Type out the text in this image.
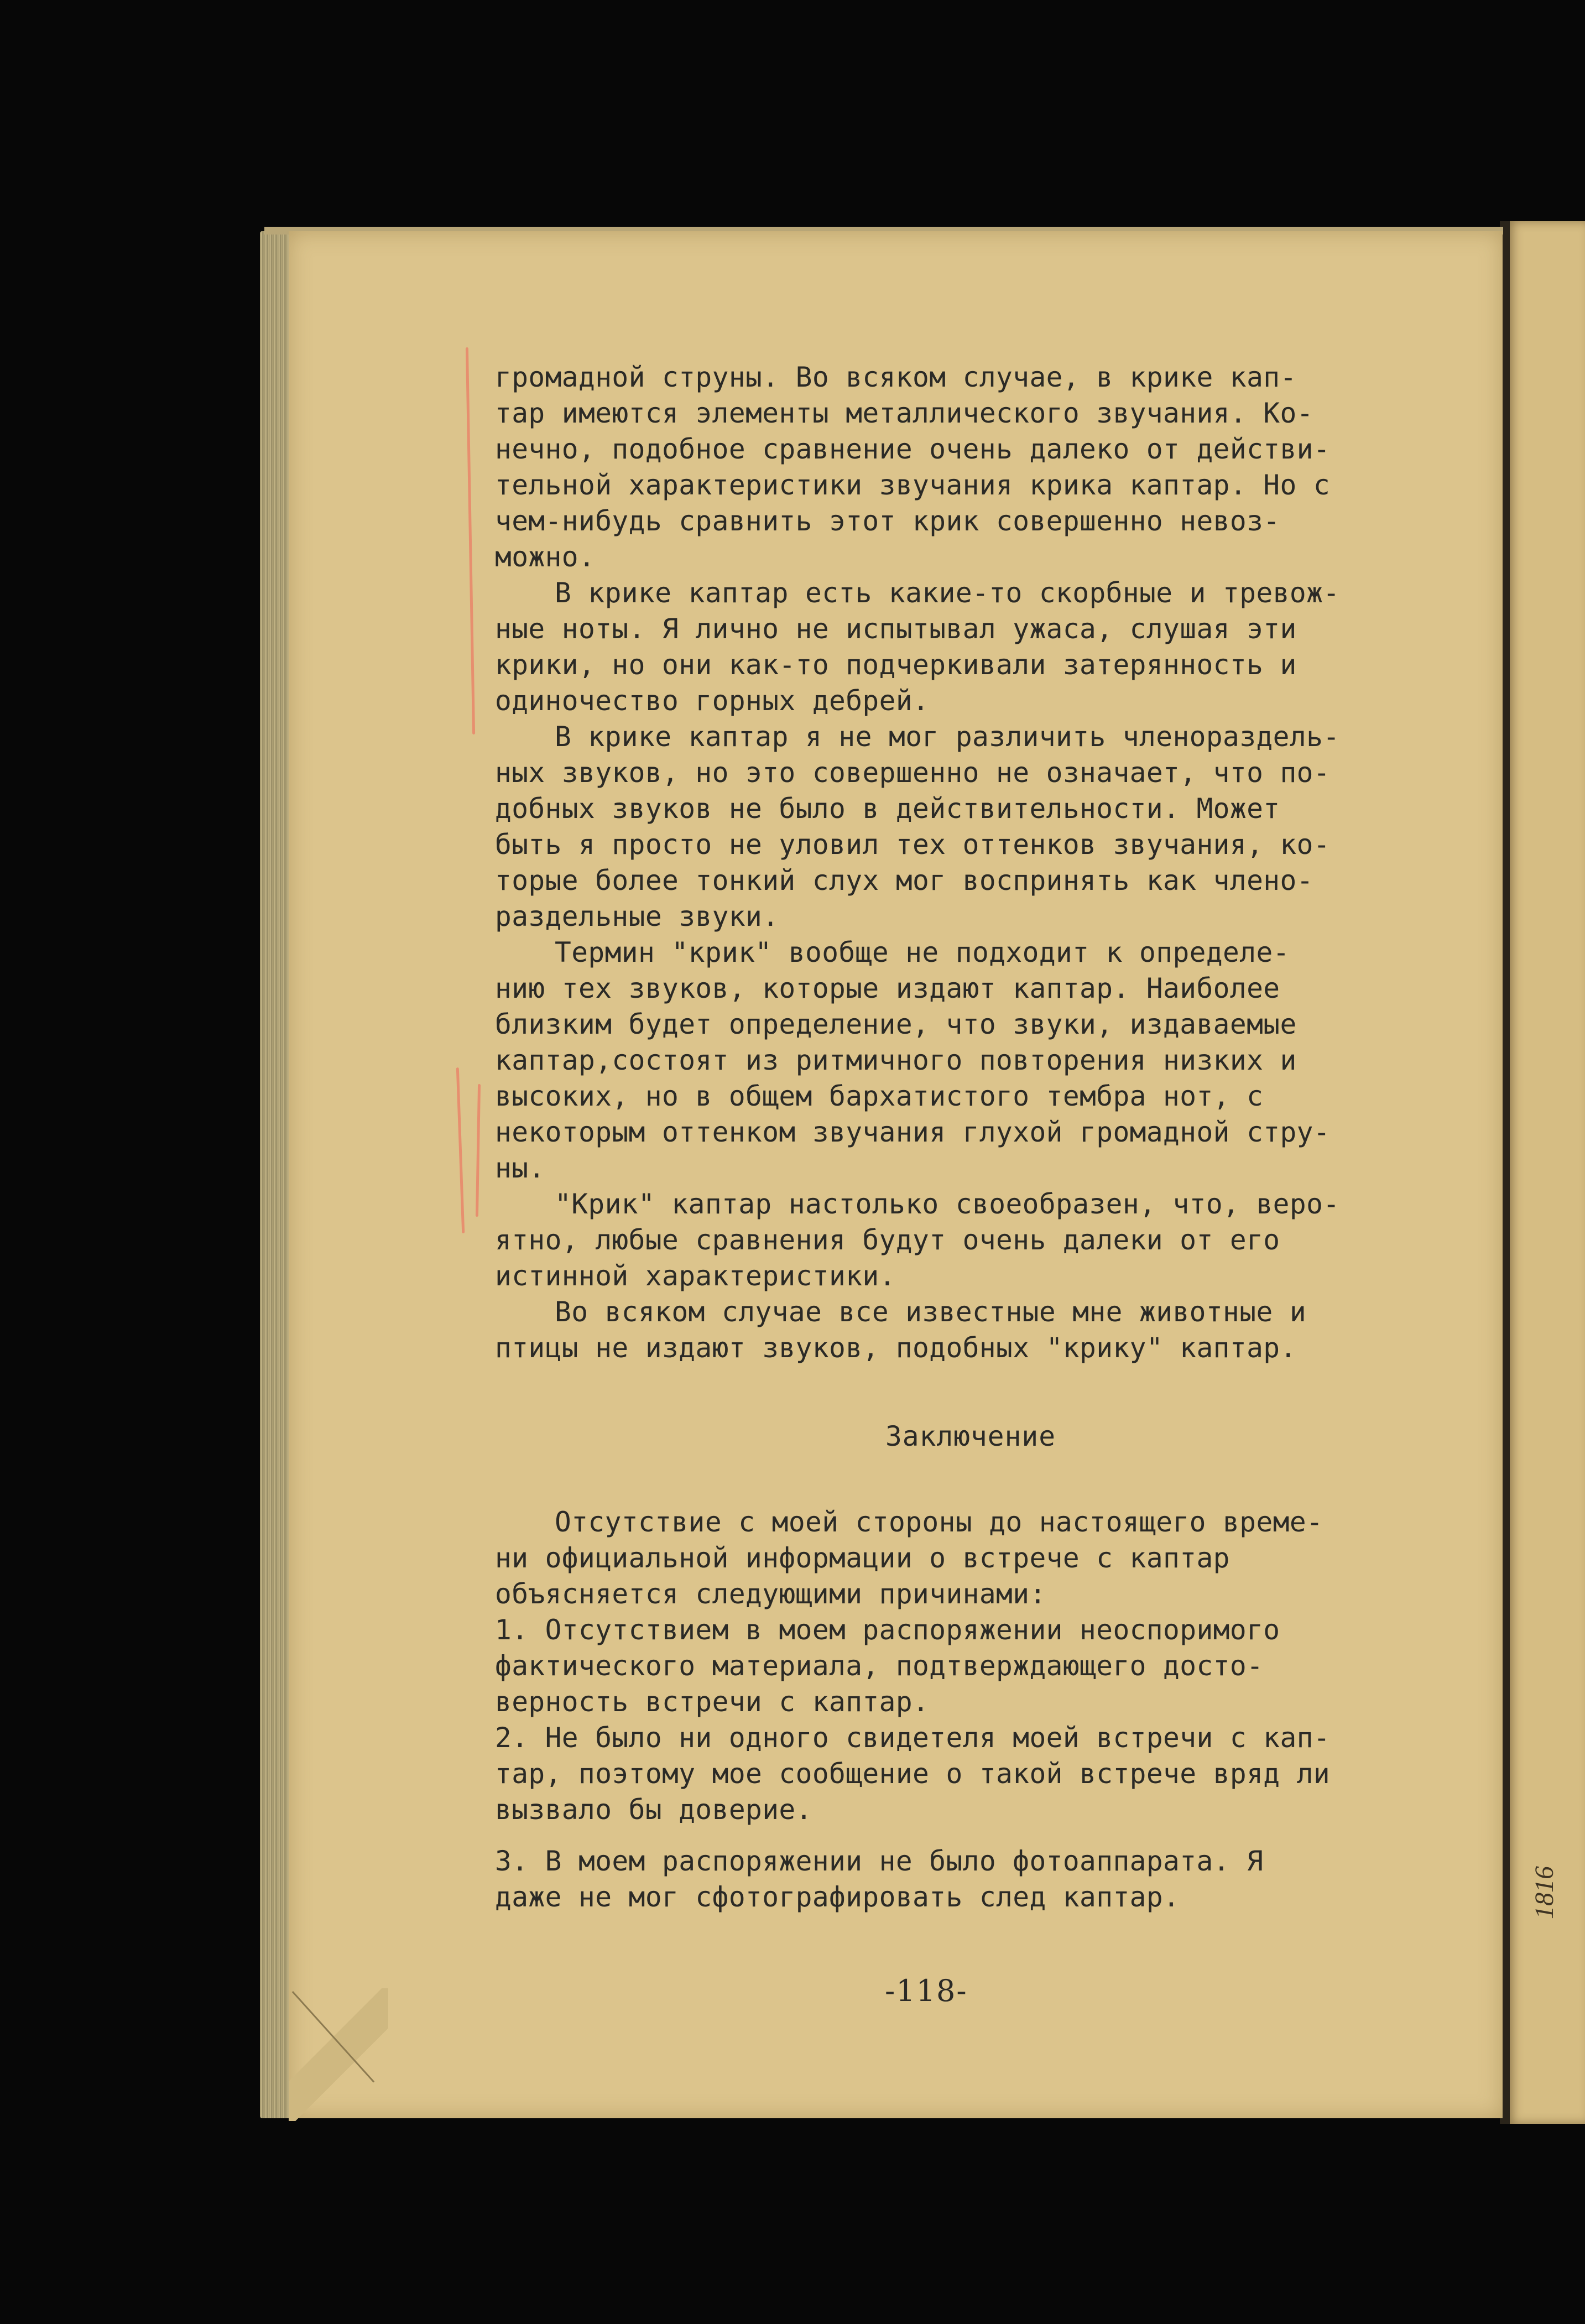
громадной струны. Во всяком случае, в крике кап-
тар имеются элементы металлического звучания. Ко-
нечно, подобное сравнение очень далеко от действи-
тельной характеристики звучания крика каптар. Но с
чем-нибудь сравнить этот крик совершенно невоз-
можно.

В крике каптар есть какие-то скорбные и тревож-
ные ноты. Я лично не испытывал ужаса, слушая эти
крики, но они как-то подчеркивали затерянность и
одиночество горных дебрей.

В крике каптар я не мог различить членораздель-
ных звуков, но это совершенно не означает, что по-
добных звуков не было в действительности. Может
быть я просто не уловил тех оттенков звучания, ко-
торые более тонкий слух мог воспринять как члено-
раздельные звуки.

Термин "крик" вообще не подходит к определе-
нию тех звуков, которые издают каптар. Наиболее
близким будет определение, что звуки, издаваемые
каптар,состоят из ритмичного повторения низких и
высоких, но в общем бархатистого тембра нот, с
некоторым оттенком звучания глухой громадной стру-
ны.

"Крик" каптар настолько своеобразен, что, веро-
ятно, любые сравнения будут очень далеки от его
истинной характеристики.

Во всяком случае все известные мне животные и
птицы не издают звуков, подобных "крику" каптар.

Заключение

Отсутствие с моей стороны до настоящего време-
ни официальной информации о встрече с каптар
объясняется следующими причинами:

1. Отсутствием в моем распоряжении неоспоримого
фактического материала, подтверждающего досто-
верность встречи с каптар.

2. Не было ни одного свидетеля моей встречи с кап-
тар, поэтому мое сообщение о такой встрече вряд ли
вызвало бы доверие.

3. В моем распоряжении не было фотоаппарата. Я
даже не мог сфотографировать след каптар.

-118-
1816
